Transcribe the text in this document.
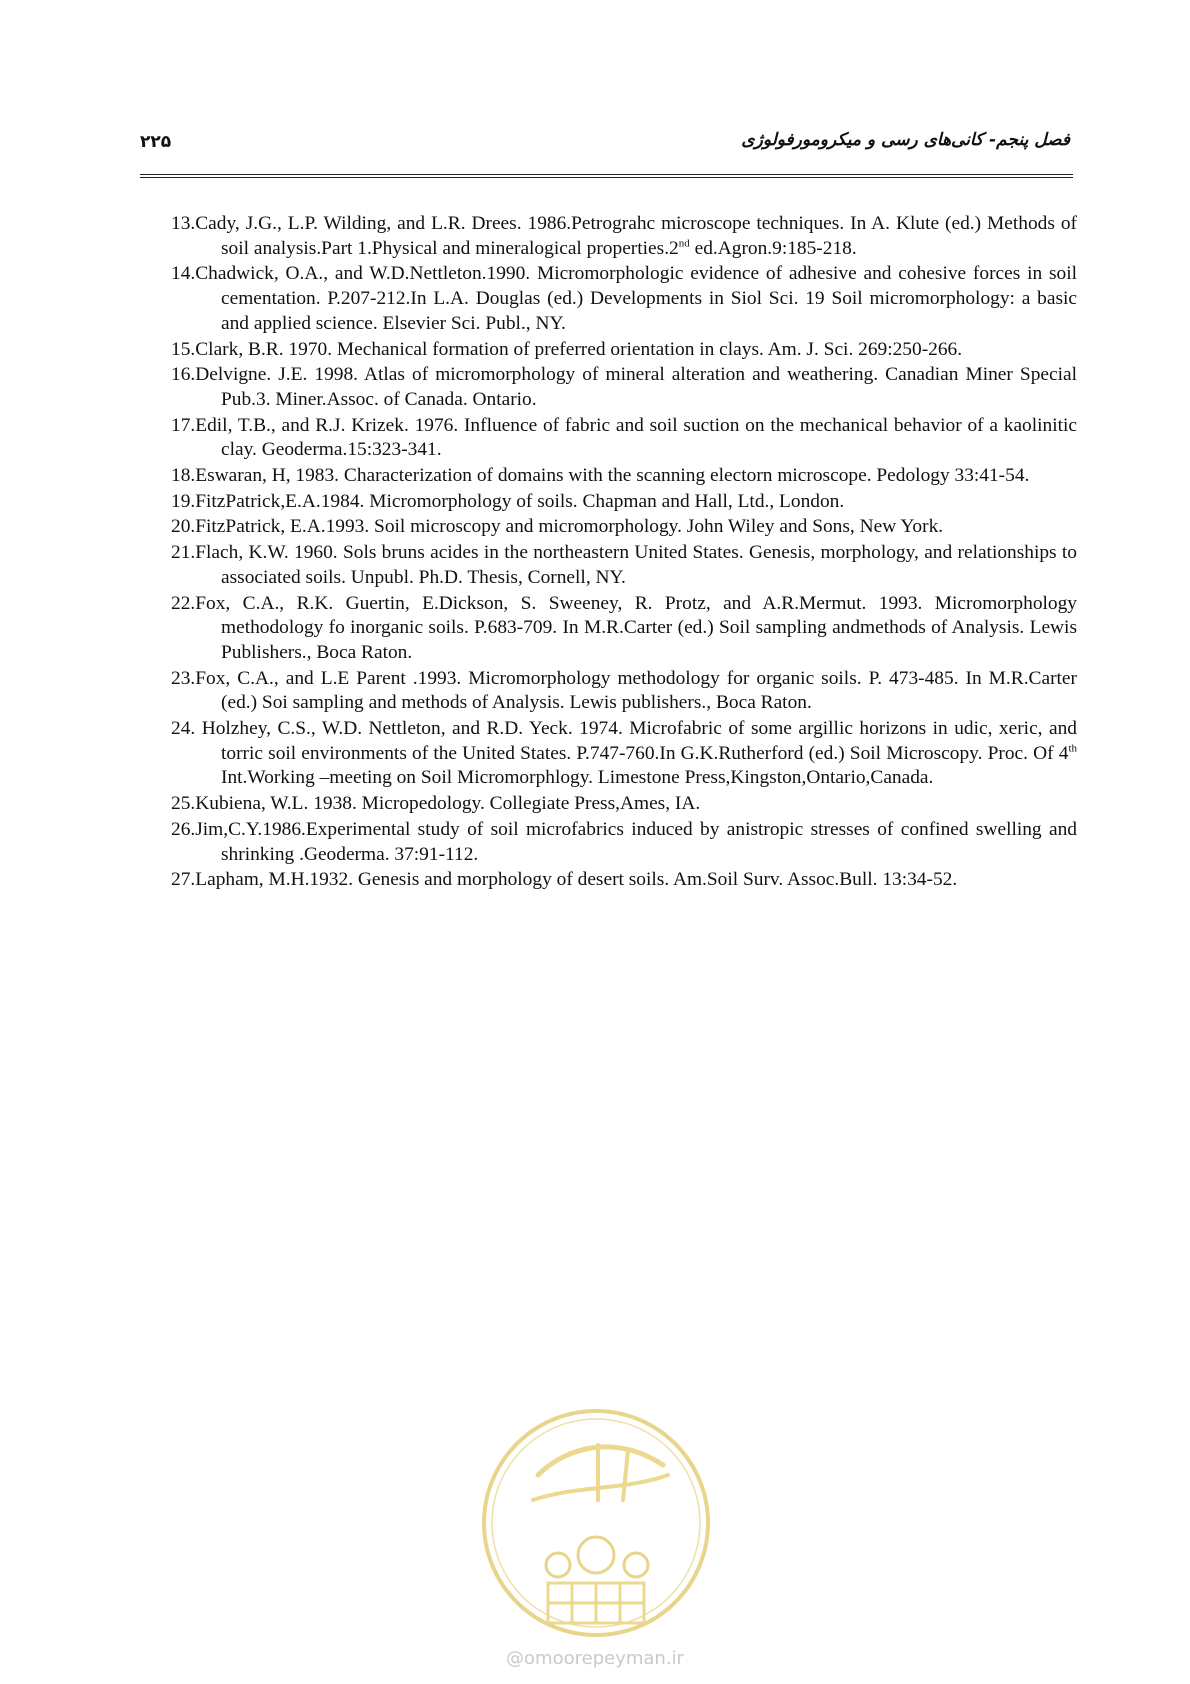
۲۲۵	فصل پنجم- کانی‌های رسی و میکرومورفولوژی
13.Cady, J.G., L.P. Wilding, and L.R. Drees. 1986.Petrograhc microscope techniques. In A. Klute (ed.) Methods of soil analysis.Part 1.Physical and mineralogical properties.2nd ed.Agron.9:185-218.
14.Chadwick, O.A., and W.D.Nettleton.1990. Micromorphologic evidence of adhesive and cohesive forces in soil cementation. P.207-212.In L.A. Douglas (ed.) Developments in Siol Sci. 19 Soil micromorphology: a basic and applied science. Elsevier Sci. Publ., NY.
15.Clark, B.R. 1970. Mechanical formation of preferred orientation in clays. Am. J. Sci. 269:250-266.
16.Delvigne. J.E. 1998. Atlas of micromorphology of mineral alteration and weathering. Canadian Miner Special Pub.3. Miner.Assoc. of Canada. Ontario.
17.Edil, T.B., and R.J. Krizek. 1976. Influence of fabric and soil suction on the mechanical behavior of a kaolinitic clay. Geoderma.15:323-341.
18.Eswaran, H, 1983. Characterization of domains with the scanning electorn microscope. Pedology 33:41-54.
19.FitzPatrick,E.A.1984. Micromorphology of soils. Chapman and Hall, Ltd., London.
20.FitzPatrick, E.A.1993. Soil microscopy and micromorphology. John Wiley and Sons, New York.
21.Flach, K.W. 1960. Sols bruns acides in the northeastern United States. Genesis, morphology, and relationships to associated soils. Unpubl. Ph.D. Thesis, Cornell, NY.
22.Fox, C.A., R.K. Guertin, E.Dickson, S. Sweeney, R. Protz, and A.R.Mermut. 1993. Micromorphology methodology fo inorganic soils. P.683-709. In M.R.Carter (ed.) Soil sampling andmethods of Analysis. Lewis Publishers., Boca Raton.
23.Fox, C.A., and L.E Parent .1993. Micromorphology methodology for organic soils. P. 473-485. In M.R.Carter (ed.) Soi sampling and methods of Analysis. Lewis publishers., Boca Raton.
24. Holzhey, C.S., W.D. Nettleton, and R.D. Yeck. 1974. Microfabric of some argillic horizons in udic, xeric, and torric soil environments of the United States. P.747-760.In G.K.Rutherford (ed.) Soil Microscopy. Proc. Of 4th Int.Working –meeting on Soil Micromorphlogy. Limestone Press,Kingston,Ontario,Canada.
25.Kubiena, W.L. 1938. Micropedology. Collegiate Press,Ames, IA.
26.Jim,C.Y.1986.Experimental study of soil microfabrics induced by anistropic stresses of confined swelling and shrinking .Geoderma. 37:91-112.
27.Lapham, M.H.1932. Genesis and morphology of desert soils. Am.Soil Surv. Assoc.Bull. 13:34-52.
@omoorepeyman.ir
